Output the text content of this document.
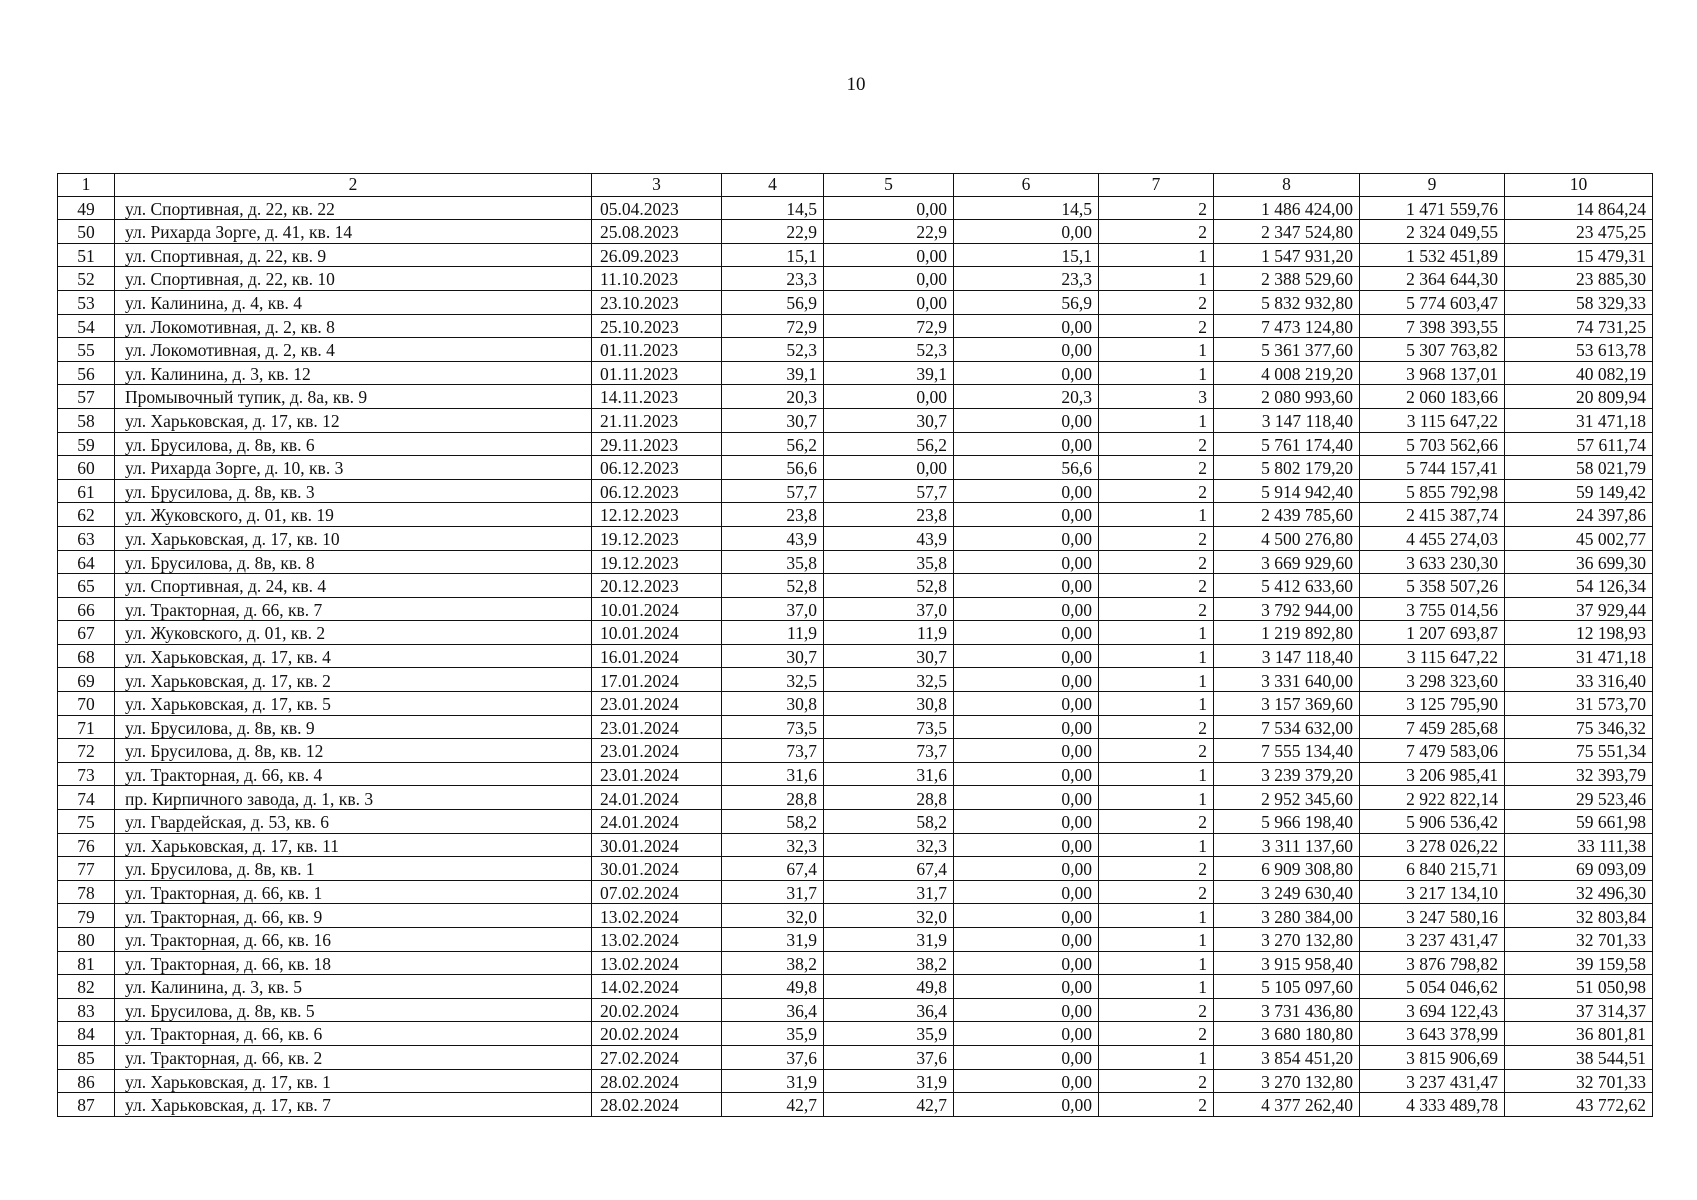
10
1	2	3	4	5	6	7	8	9	10
49	ул. Спортивная, д. 22, кв. 22	05.04.2023	14,5	0,00	14,5	2	1 486 424,00	1 471 559,76	14 864,24
50	ул. Рихарда Зорге, д. 41, кв. 14	25.08.2023	22,9	22,9	0,00	2	2 347 524,80	2 324 049,55	23 475,25
51	ул. Спортивная, д. 22, кв. 9	26.09.2023	15,1	0,00	15,1	1	1 547 931,20	1 532 451,89	15 479,31
52	ул. Спортивная, д. 22, кв. 10	11.10.2023	23,3	0,00	23,3	1	2 388 529,60	2 364 644,30	23 885,30
53	ул. Калинина, д. 4, кв. 4	23.10.2023	56,9	0,00	56,9	2	5 832 932,80	5 774 603,47	58 329,33
54	ул. Локомотивная, д. 2, кв. 8	25.10.2023	72,9	72,9	0,00	2	7 473 124,80	7 398 393,55	74 731,25
55	ул. Локомотивная, д. 2, кв. 4	01.11.2023	52,3	52,3	0,00	1	5 361 377,60	5 307 763,82	53 613,78
56	ул. Калинина, д. 3, кв. 12	01.11.2023	39,1	39,1	0,00	1	4 008 219,20	3 968 137,01	40 082,19
57	Промывочный тупик, д. 8а, кв. 9	14.11.2023	20,3	0,00	20,3	3	2 080 993,60	2 060 183,66	20 809,94
58	ул. Харьковская, д. 17, кв. 12	21.11.2023	30,7	30,7	0,00	1	3 147 118,40	3 115 647,22	31 471,18
59	ул. Брусилова, д. 8в, кв. 6	29.11.2023	56,2	56,2	0,00	2	5 761 174,40	5 703 562,66	57 611,74
60	ул. Рихарда Зорге, д. 10, кв. 3	06.12.2023	56,6	0,00	56,6	2	5 802 179,20	5 744 157,41	58 021,79
61	ул. Брусилова, д. 8в, кв. 3	06.12.2023	57,7	57,7	0,00	2	5 914 942,40	5 855 792,98	59 149,42
62	ул. Жуковского, д. 01, кв. 19	12.12.2023	23,8	23,8	0,00	1	2 439 785,60	2 415 387,74	24 397,86
63	ул. Харьковская, д. 17, кв. 10	19.12.2023	43,9	43,9	0,00	2	4 500 276,80	4 455 274,03	45 002,77
64	ул. Брусилова, д. 8в, кв. 8	19.12.2023	35,8	35,8	0,00	2	3 669 929,60	3 633 230,30	36 699,30
65	ул. Спортивная, д. 24, кв. 4	20.12.2023	52,8	52,8	0,00	2	5 412 633,60	5 358 507,26	54 126,34
66	ул. Тракторная, д. 66, кв. 7	10.01.2024	37,0	37,0	0,00	2	3 792 944,00	3 755 014,56	37 929,44
67	ул. Жуковского, д. 01, кв. 2	10.01.2024	11,9	11,9	0,00	1	1 219 892,80	1 207 693,87	12 198,93
68	ул. Харьковская, д. 17, кв. 4	16.01.2024	30,7	30,7	0,00	1	3 147 118,40	3 115 647,22	31 471,18
69	ул. Харьковская, д. 17, кв. 2	17.01.2024	32,5	32,5	0,00	1	3 331 640,00	3 298 323,60	33 316,40
70	ул. Харьковская, д. 17, кв. 5	23.01.2024	30,8	30,8	0,00	1	3 157 369,60	3 125 795,90	31 573,70
71	ул. Брусилова, д. 8в, кв. 9	23.01.2024	73,5	73,5	0,00	2	7 534 632,00	7 459 285,68	75 346,32
72	ул. Брусилова, д. 8в, кв. 12	23.01.2024	73,7	73,7	0,00	2	7 555 134,40	7 479 583,06	75 551,34
73	ул. Тракторная, д. 66, кв. 4	23.01.2024	31,6	31,6	0,00	1	3 239 379,20	3 206 985,41	32 393,79
74	пр. Кирпичного завода, д. 1, кв. 3	24.01.2024	28,8	28,8	0,00	1	2 952 345,60	2 922 822,14	29 523,46
75	ул. Гвардейская, д. 53, кв. 6	24.01.2024	58,2	58,2	0,00	2	5 966 198,40	5 906 536,42	59 661,98
76	ул. Харьковская, д. 17, кв. 11	30.01.2024	32,3	32,3	0,00	1	3 311 137,60	3 278 026,22	33 111,38
77	ул. Брусилова, д. 8в, кв. 1	30.01.2024	67,4	67,4	0,00	2	6 909 308,80	6 840 215,71	69 093,09
78	ул. Тракторная, д. 66, кв. 1	07.02.2024	31,7	31,7	0,00	2	3 249 630,40	3 217 134,10	32 496,30
79	ул. Тракторная, д. 66, кв. 9	13.02.2024	32,0	32,0	0,00	1	3 280 384,00	3 247 580,16	32 803,84
80	ул. Тракторная, д. 66, кв. 16	13.02.2024	31,9	31,9	0,00	1	3 270 132,80	3 237 431,47	32 701,33
81	ул. Тракторная, д. 66, кв. 18	13.02.2024	38,2	38,2	0,00	1	3 915 958,40	3 876 798,82	39 159,58
82	ул. Калинина, д. 3, кв. 5	14.02.2024	49,8	49,8	0,00	1	5 105 097,60	5 054 046,62	51 050,98
83	ул. Брусилова, д. 8в, кв. 5	20.02.2024	36,4	36,4	0,00	2	3 731 436,80	3 694 122,43	37 314,37
84	ул. Тракторная, д. 66, кв. 6	20.02.2024	35,9	35,9	0,00	2	3 680 180,80	3 643 378,99	36 801,81
85	ул. Тракторная, д. 66, кв. 2	27.02.2024	37,6	37,6	0,00	1	3 854 451,20	3 815 906,69	38 544,51
86	ул. Харьковская, д. 17, кв. 1	28.02.2024	31,9	31,9	0,00	2	3 270 132,80	3 237 431,47	32 701,33
87	ул. Харьковская, д. 17, кв. 7	28.02.2024	42,7	42,7	0,00	2	4 377 262,40	4 333 489,78	43 772,62
